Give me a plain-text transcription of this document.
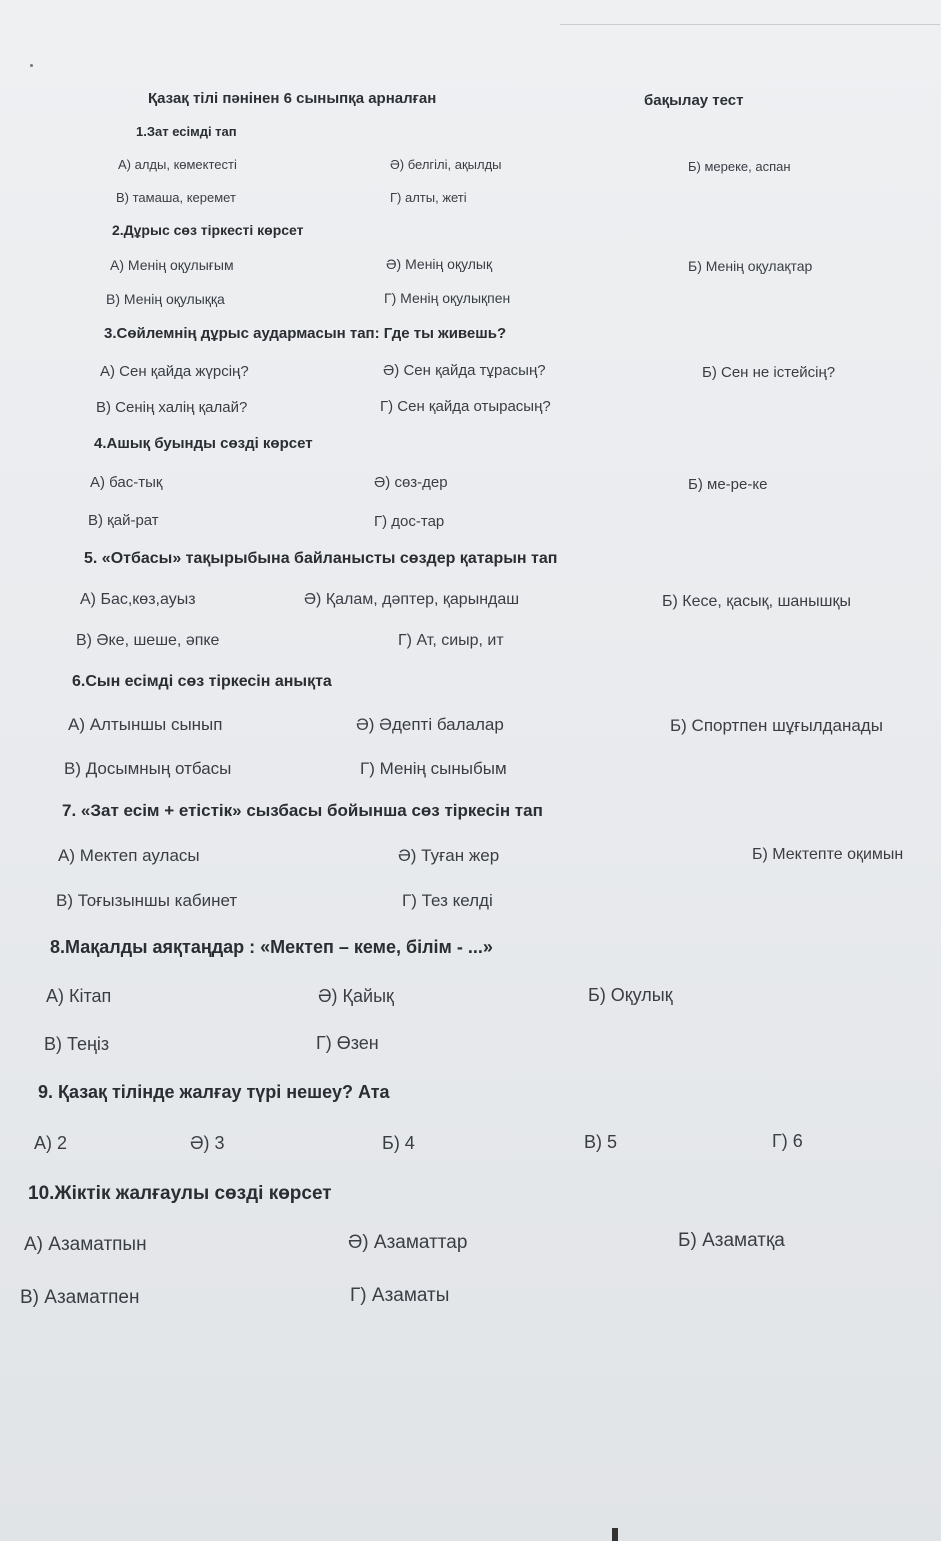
Қазақ тілі пәнінен 6 сыныпқа арналған	бақылау тест
1.Зат есімді тап
А) алды, көмектесті	Ә) белгілі, ақылды	Б) мереке, аспан
В) тамаша, керемет	Г) алты, жеті
2.Дұрыс сөз тіркесті көрсет
А) Менің оқулығым	Ә) Менің оқулық	Б) Менің оқулақтар
В) Менің оқулыққа	Г) Менің оқулықпен
3.Сөйлемнің дұрыс аудармасын тап: Где ты живешь?
А) Сен қайда жүрсің?	Ә) Сен қайда тұрасың?	Б) Сен не істейсің?
В) Сенің халің қалай?	Г) Сен қайда отырасың?
4.Ашық буынды сөзді көрсет
А) бас-тық	Ә) сөз-дер	Б) ме-ре-ке
В) қай-рат	Г) дос-тар
5. «Отбасы» тақырыбына байланысты сөздер қатарын тап
А) Бас,көз,ауыз	Ә) Қалам, дәптер, қарындаш	Б) Кесе, қасық, шанышқы
В) Әке, шеше, әпке	Г) Ат, сиыр, ит
6.Сын есімді сөз тіркесін анықта
А) Алтыншы сынып	Ә) Әдепті балалар	Б) Спортпен шұғылданады
В) Досымның отбасы	Г) Менің сыныбым
7. «Зат есім + етістік» сызбасы бойынша сөз тіркесін тап
А) Мектеп ауласы	Ә) Туған жер	Б) Мектепте оқимын
В) Тоғызыншы кабинет	Г) Тез келді
8.Мақалды аяқтаңдар : «Мектеп – кеме, білім - ...»
А) Кітап	Ә) Қайық	Б) Оқулық
В) Теңіз	Г) Өзен
9. Қазақ тілінде жалғау түрі нешеу? Ата
А) 2	Ә) 3	Б) 4	В) 5	Г) 6
10.Жіктік жалғаулы сөзді көрсет
А) Азаматпын	Ә) Азаматтар	Б) Азаматқа
В) Азаматпен	Г) Азаматы
